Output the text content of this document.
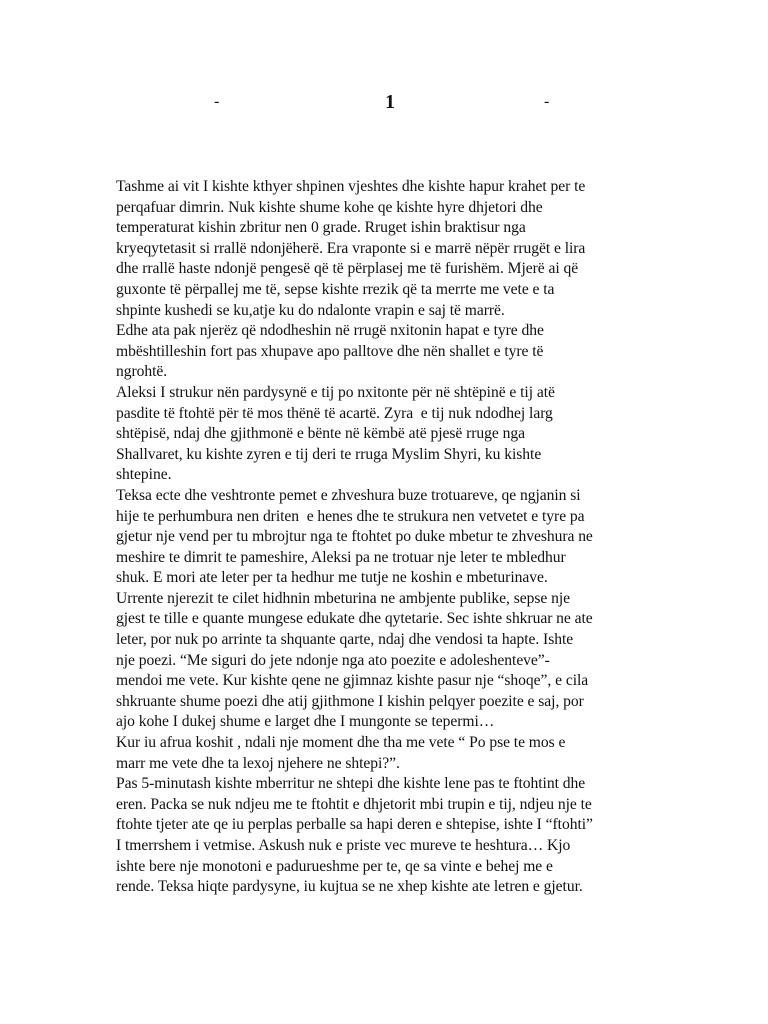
-	1	-
Tashme ai vit I kishte kthyer shpinen vjeshtes dhe kishte hapur krahet per te
perqafuar dimrin. Nuk kishte shume kohe qe kishte hyre dhjetori dhe
temperaturat kishin zbritur nen 0 grade. Rruget ishin braktisur nga
kryeqytetasit si rrallë ndonjëherë. Era vraponte si e marrë nëpër rrugët e lira
dhe rrallë haste ndonjë pengesë që të përplasej me të furishëm. Mjerë ai që
guxonte të përpallej me të, sepse kishte rrezik që ta merrte me vete e ta
shpinte kushedi se ku,atje ku do ndalonte vrapin e saj të marrë.
Edhe ata pak njerëz që ndodheshin në rrugë nxitonin hapat e tyre dhe
mbështilleshin fort pas xhupave apo palltove dhe nën shallet e tyre të
ngrohtë.
Aleksi I strukur nën pardysynë e tij po nxitonte për në shtëpinë e tij atë
pasdite të ftohtë për të mos thënë të acartë. Zyra  e tij nuk ndodhej larg
shtëpisë, ndaj dhe gjithmonë e bënte në këmbë atë pjesë rruge nga
Shallvaret, ku kishte zyren e tij deri te rruga Myslim Shyri, ku kishte
shtepine.
Teksa ecte dhe veshtronte pemet e zhveshura buze trotuareve, qe ngjanin si
hije te perhumbura nen driten  e henes dhe te strukura nen vetvetet e tyre pa
gjetur nje vend per tu mbrojtur nga te ftohtet po duke mbetur te zhveshura ne
meshire te dimrit te pameshire, Aleksi pa ne trotuar nje leter te mbledhur
shuk. E mori ate leter per ta hedhur me tutje ne koshin e mbeturinave.
Urrente njerezit te cilet hidhnin mbeturina ne ambjente publike, sepse nje
gjest te tille e quante mungese edukate dhe qytetarie. Sec ishte shkruar ne ate
leter, por nuk po arrinte ta shquante qarte, ndaj dhe vendosi ta hapte. Ishte
nje poezi. “Me siguri do jete ndonje nga ato poezite e adoleshenteve”-
mendoi me vete. Kur kishte qene ne gjimnaz kishte pasur nje “shoqe”, e cila
shkruante shume poezi dhe atij gjithmone I kishin pelqyer poezite e saj, por
ajo kohe I dukej shume e larget dhe I mungonte se tepermi…
Kur iu afrua koshit , ndali nje moment dhe tha me vete “ Po pse te mos e
marr me vete dhe ta lexoj njehere ne shtepi?”.
Pas 5-minutash kishte mberritur ne shtepi dhe kishte lene pas te ftohtint dhe
eren. Packa se nuk ndjeu me te ftohtit e dhjetorit mbi trupin e tij, ndjeu nje te
ftohte tjeter ate qe iu perplas perballe sa hapi deren e shtepise, ishte I “ftohti”
I tmerrshem i vetmise. Askush nuk e priste vec mureve te heshtura… Kjo
ishte bere nje monotoni e padurueshme per te, qe sa vinte e behej me e
rende. Teksa hiqte pardysyne, iu kujtua se ne xhep kishte ate letren e gjetur.
